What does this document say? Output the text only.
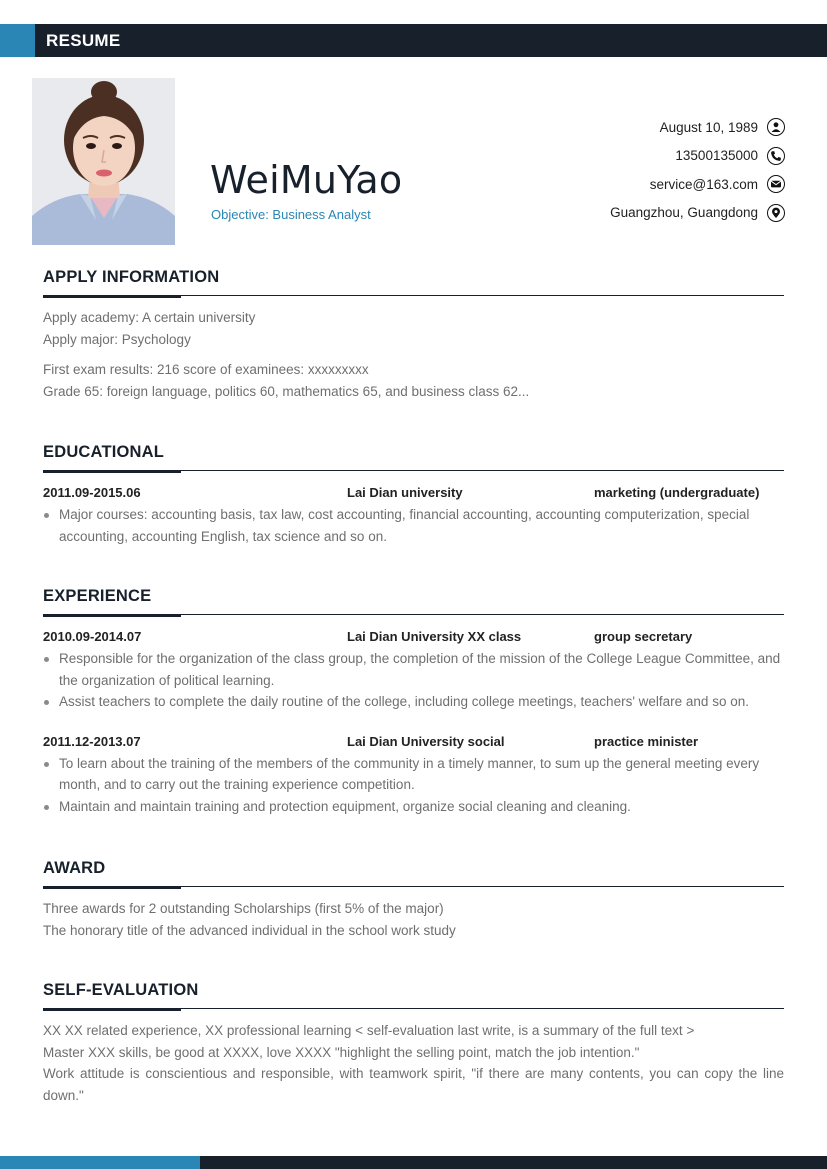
RESUME
WeiMuYao
Objective: Business Analyst
August 10, 1989
13500135000
service@163.com
Guangzhou, Guangdong
APPLY INFORMATION
Apply academy: A certain university
Apply major: Psychology
First exam results: 216 score of examinees: xxxxxxxxx
Grade 65: foreign language, politics 60, mathematics 65, and business class 62...
EDUCATIONAL
2011.09-2015.06	Lai Dian university	marketing (undergraduate)
Major courses: accounting basis, tax law, cost accounting, financial accounting, accounting computerization, special accounting, accounting English, tax science and so on.
EXPERIENCE
2010.09-2014.07	Lai Dian University XX class	group secretary
Responsible for the organization of the class group, the completion of the mission of the College League Committee, and the organization of political learning.
Assist teachers to complete the daily routine of the college, including college meetings, teachers' welfare and so on.
2011.12-2013.07	Lai Dian University social	practice minister
To learn about the training of the members of the community in a timely manner, to sum up the general meeting every month, and to carry out the training experience competition.
Maintain and maintain training and protection equipment, organize social cleaning and cleaning.
AWARD
Three awards for 2 outstanding Scholarships (first 5% of the major)
The honorary title of the advanced individual in the school work study
SELF-EVALUATION
XX XX related experience, XX professional learning < self-evaluation last write, is a summary of the full text >
Master XXX skills, be good at XXXX, love XXXX "highlight the selling point, match the job intention."
Work attitude is conscientious and responsible, with teamwork spirit, "if there are many contents, you can copy the line down."
